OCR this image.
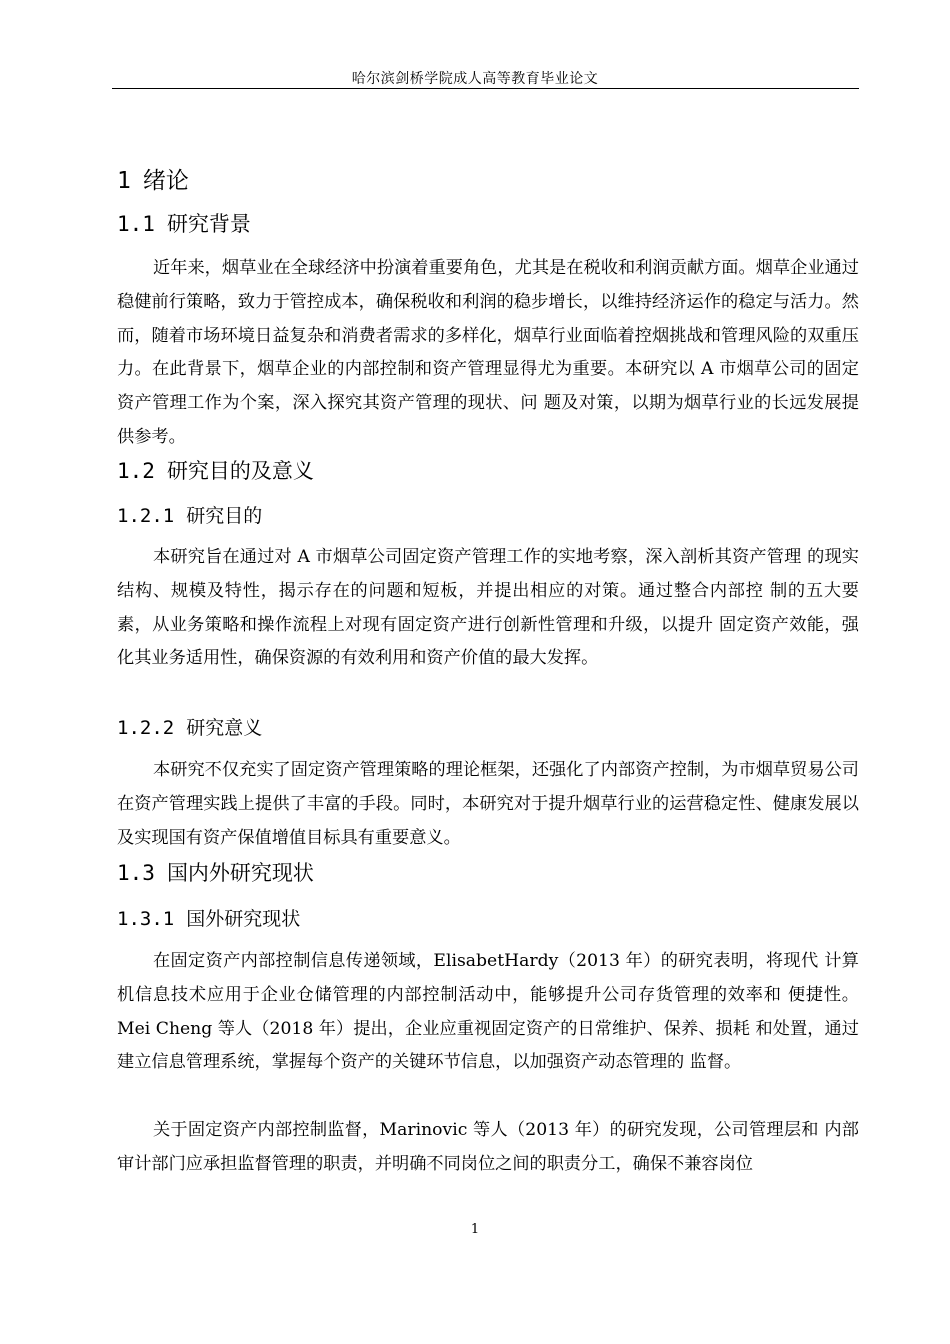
哈尔滨剑桥学院成人高等教育毕业论文
1 绪论
1.1 研究背景

近年来，烟草业在全球经济中扮演着重要角色，尤其是在税收和利润贡献方面。烟草企业通过稳健前行策略，致力于管控成本，确保税收和利润的稳步增长，以维持经济运作的稳定与活力。然而，随着市场环境日益复杂和消费者需求的多样化，烟草行业面临着控烟挑战和管理风险的双重压力。在此背景下，烟草企业的内部控制和资产管理显得尤为重要。本研究以 A 市烟草公司的固定资产管理工作为个案，深入探究其资产管理的现状、问 题及对策，以期为烟草行业的长远发展提供参考。

1.2 研究目的及意义
1.2.1 研究目的

本研究旨在通过对 A 市烟草公司固定资产管理工作的实地考察，深入剖析其资产管理 的现实结构、规模及特性，揭示存在的问题和短板，并提出相应的对策。通过整合内部控 制的五大要素，从业务策略和操作流程上对现有固定资产进行创新性管理和升级，以提升 固定资产效能，强化其业务适用性，确保资源的有效利用和资产价值的最大发挥。

1.2.2 研究意义

本研究不仅充实了固定资产管理策略的理论框架，还强化了内部资产控制，为市烟草贸易公司在资产管理实践上提供了丰富的手段。同时，本研究对于提升烟草行业的运营稳定性、健康发展以及实现国有资产保值增值目标具有重要意义。

1.3 国内外研究现状
1.3.1 国外研究现状

在固定资产内部控制信息传递领域，ElisabetHardy（2013 年）的研究表明，将现代 计算机信息技术应用于企业仓储管理的内部控制活动中，能够提升公司存货管理的效率和 便捷性。Mei Cheng 等人（2018 年）提出，企业应重视固定资产的日常维护、保养、损耗 和处置，通过建立信息管理系统，掌握每个资产的关键环节信息，以加强资产动态管理的 监督。

关于固定资产内部控制监督，Marinovic 等人（2013 年）的研究发现，公司管理层和 内部审计部门应承担监督管理的职责，并明确不同岗位之间的职责分工，确保不兼容岗位

1
